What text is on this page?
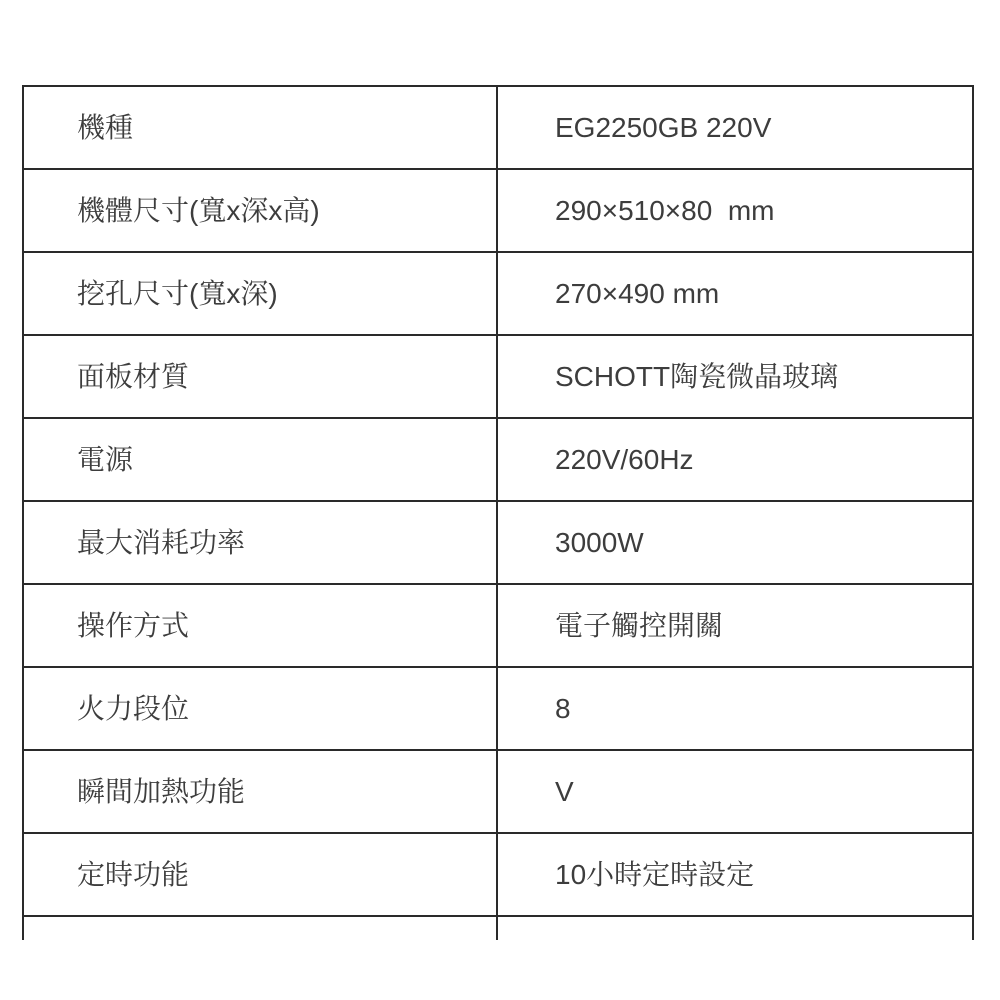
機種	EG2250GB 220V
機體尺寸(寬x深x高)	290×510×80  mm
挖孔尺寸(寬x深)	270×490 mm
面板材質	SCHOTT陶瓷微晶玻璃
電源	220V/60Hz
最大消耗功率	3000W
操作方式	電子觸控開關
火力段位	8
瞬間加熱功能	V
定時功能	10小時定時設定
